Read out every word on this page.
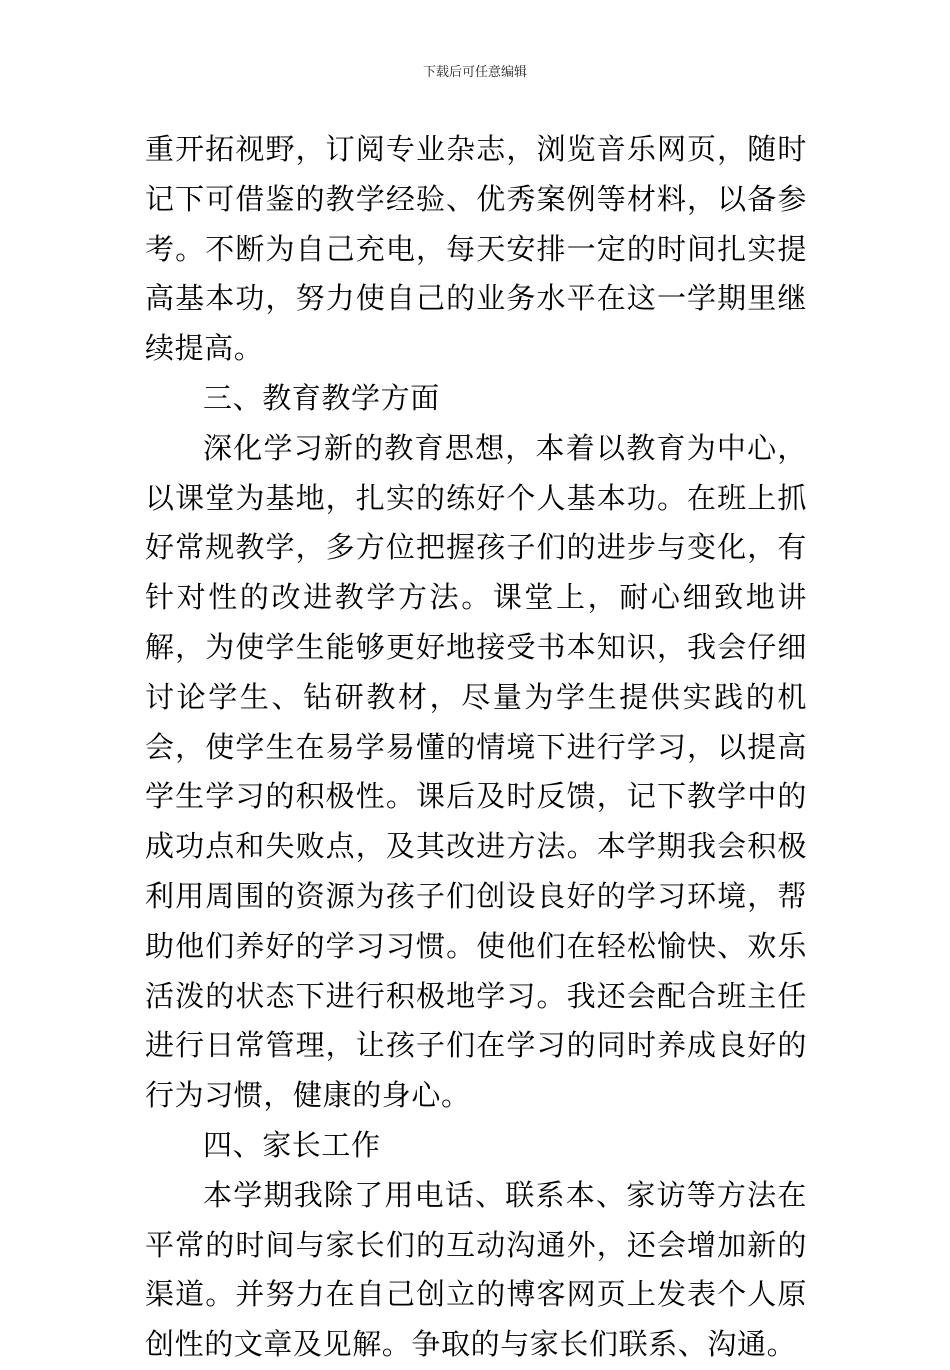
下载后可任意编辑

重开拓视野，订阅专业杂志，浏览音乐网页，随时记下可借鉴的教学经验、优秀案例等材料，以备参考。不断为自己充电，每天安排一定的时间扎实提高基本功，努力使自己的业务水平在这一学期里继续提高。

三、教育教学方面

深化学习新的教育思想，本着以教育为中心，以课堂为基地，扎实的练好个人基本功。在班上抓好常规教学，多方位把握孩子们的进步与变化，有针对性的改进教学方法。课堂上，耐心细致地讲解，为使学生能够更好地接受书本知识，我会仔细讨论学生、钻研教材，尽量为学生提供实践的机会，使学生在易学易懂的情境下进行学习，以提高学生学习的积极性。课后及时反馈，记下教学中的成功点和失败点，及其改进方法。本学期我会积极利用周围的资源为孩子们创设良好的学习环境，帮助他们养好的学习习惯。使他们在轻松愉快、欢乐活泼的状态下进行积极地学习。我还会配合班主任进行日常管理，让孩子们在学习的同时养成良好的行为习惯，健康的身心。

四、家长工作

本学期我除了用电话、联系本、家访等方法在平常的时间与家长们的互动沟通外，还会增加新的渠道。并努力在自己创立的博客网页上发表个人原创性的文章及见解。争取的与家长们联系、沟通。
